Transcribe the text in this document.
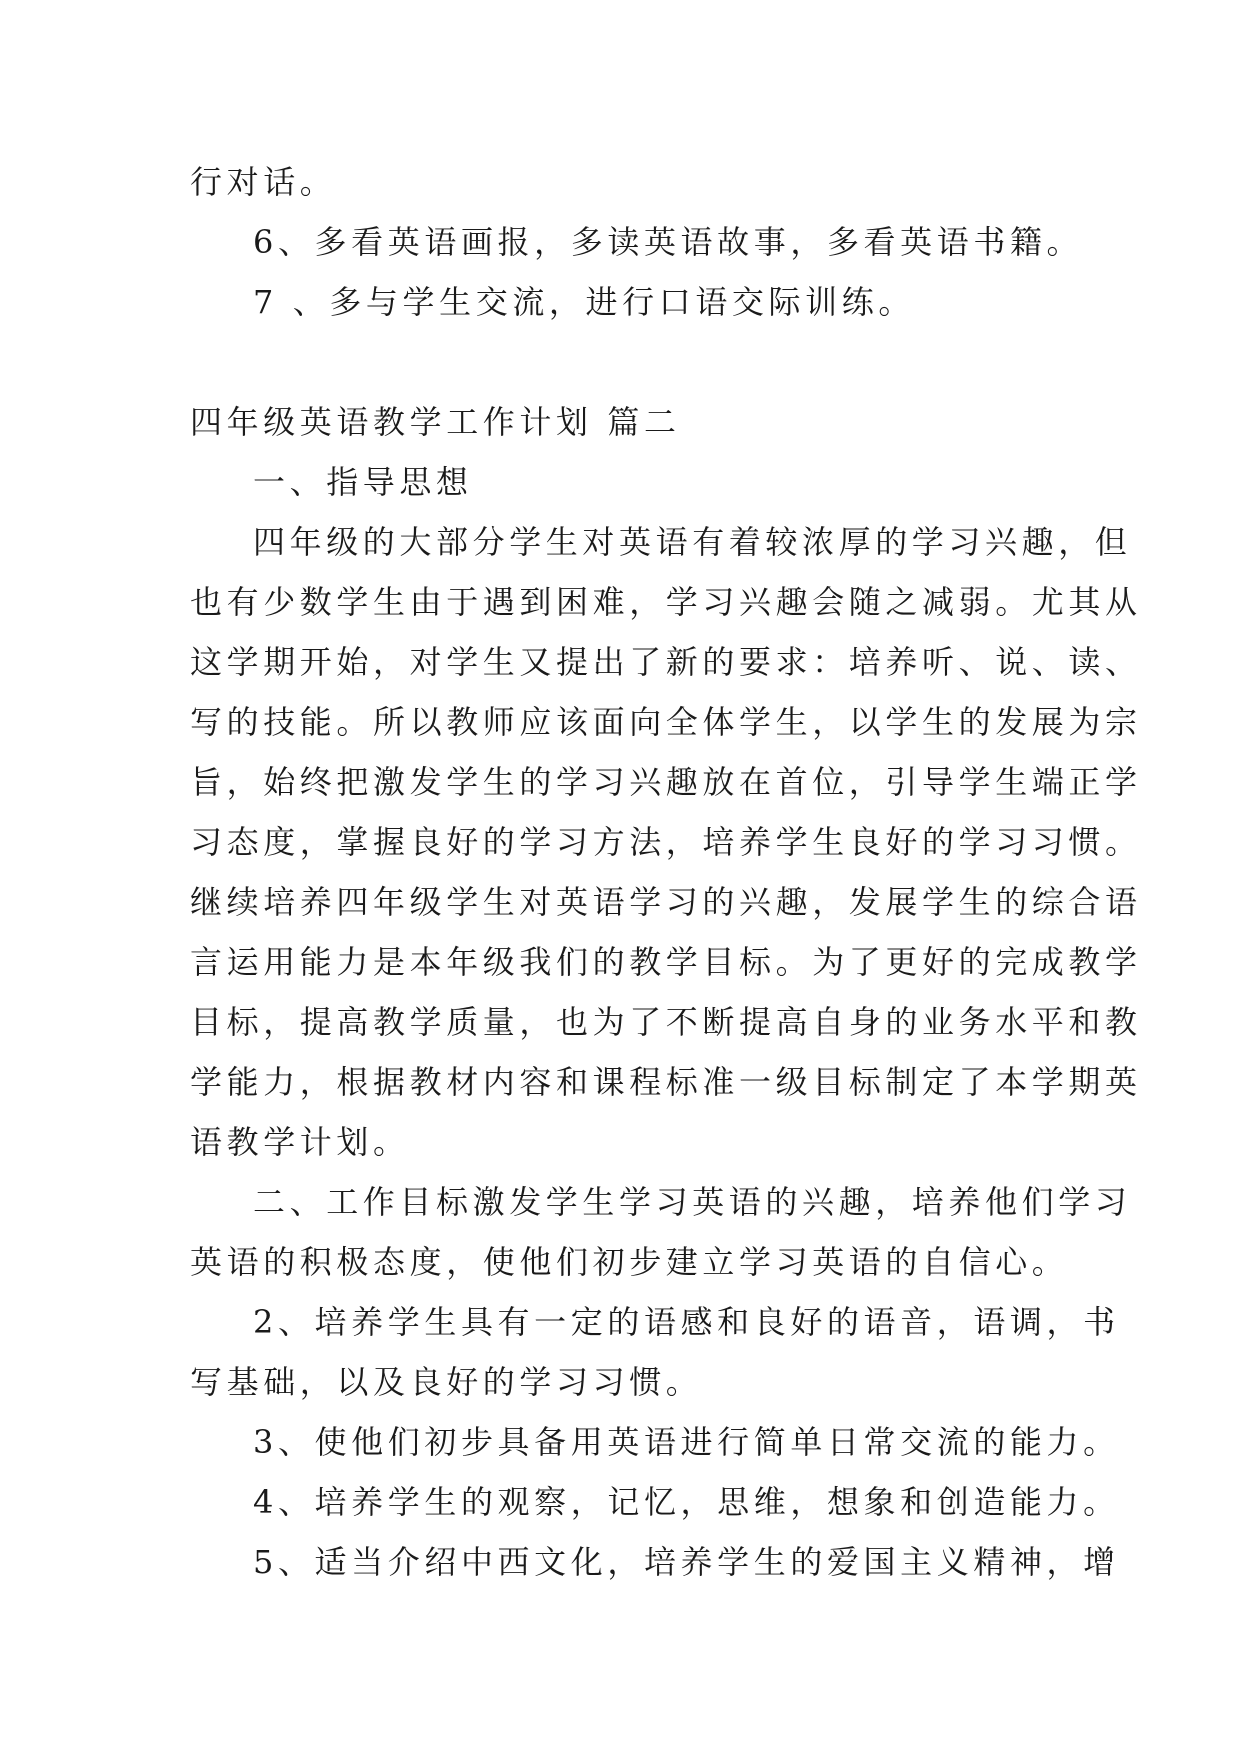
行对话。
6、多看英语画报，多读英语故事，多看英语书籍。
7 、多与学生交流，进行口语交际训练。
四年级英语教学工作计划 篇二
一、指导思想
四年级的大部分学生对英语有着较浓厚的学习兴趣，但
也有少数学生由于遇到困难，学习兴趣会随之减弱。尤其从
这学期开始，对学生又提出了新的要求：培养听、说、读、
写的技能。所以教师应该面向全体学生，以学生的发展为宗
旨，始终把激发学生的学习兴趣放在首位，引导学生端正学
习态度，掌握良好的学习方法，培养学生良好的学习习惯。
继续培养四年级学生对英语学习的兴趣，发展学生的综合语
言运用能力是本年级我们的教学目标。为了更好的完成教学
目标，提高教学质量，也为了不断提高自身的业务水平和教
学能力，根据教材内容和课程标准一级目标制定了本学期英
语教学计划。
二、工作目标激发学生学习英语的兴趣，培养他们学习
英语的积极态度，使他们初步建立学习英语的自信心。
2、培养学生具有一定的语感和良好的语音，语调，书
写基础，以及良好的学习习惯。
3、使他们初步具备用英语进行简单日常交流的能力。
4、培养学生的观察，记忆，思维，想象和创造能力。
5、适当介绍中西文化，培养学生的爱国主义精神，增
